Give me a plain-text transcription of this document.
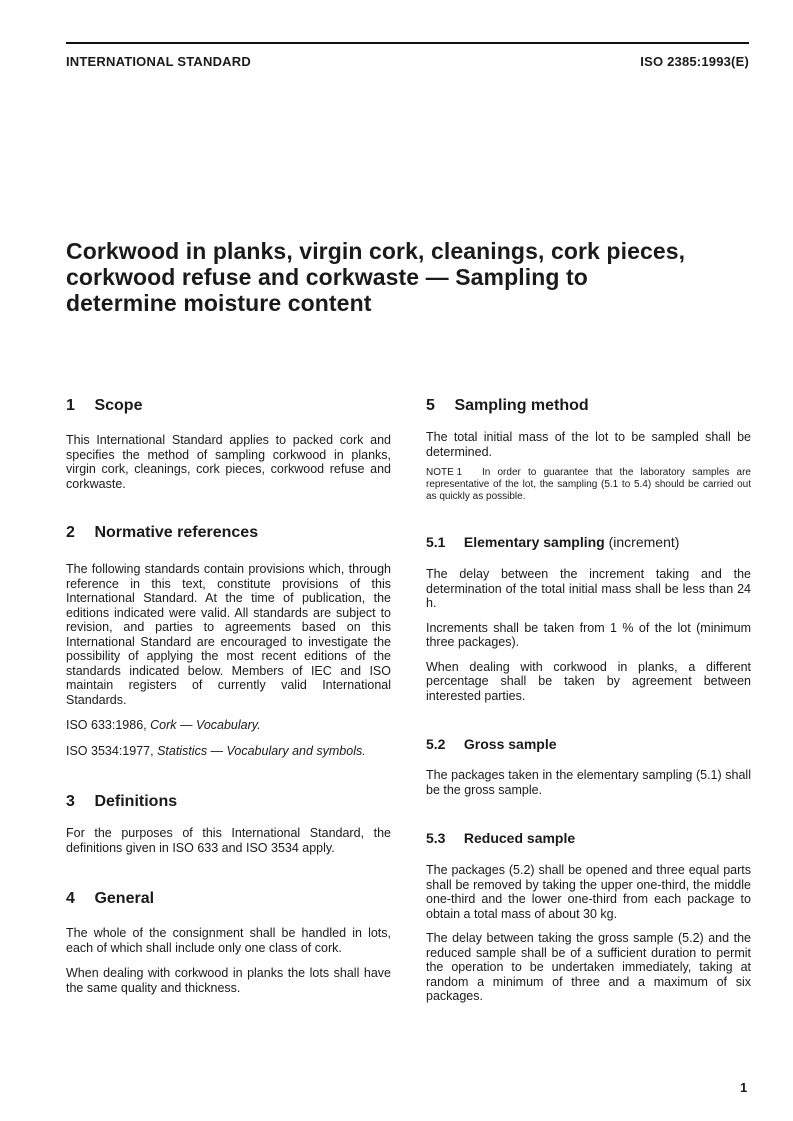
INTERNATIONAL STANDARD	ISO 2385:1993(E)
Corkwood in planks, virgin cork, cleanings, cork pieces,
corkwood refuse and corkwaste — Sampling to
determine moisture content
1 Scope

This International Standard applies to packed cork and specifies the method of sampling corkwood in planks, virgin cork, cleanings, cork pieces, corkwood refuse and corkwaste.

2 Normative references

The following standards contain provisions which, through reference in this text, constitute provisions of this International Standard. At the time of publication, the editions indicated were valid. All standards are subject to revision, and parties to agreements based on this International Standard are encouraged to investigate the possibility of applying the most recent editions of the standards indicated below. Members of IEC and ISO maintain registers of currently valid International Standards.

ISO 633:1986, Cork — Vocabulary.

ISO 3534:1977, Statistics — Vocabulary and symbols.

3 Definitions

For the purposes of this International Standard, the definitions given in ISO 633 and ISO 3534 apply.

4 General

The whole of the consignment shall be handled in lots, each of which shall include only one class of cork.

When dealing with corkwood in planks the lots shall have the same quality and thickness.

5 Sampling method

The total initial mass of the lot to be sampled shall be determined.

NOTE 1 In order to guarantee that the laboratory samples are representative of the lot, the sampling (5.1 to 5.4) should be carried out as quickly as possible.

5.1 Elementary sampling (increment)

The delay between the increment taking and the determination of the total initial mass shall be less than 24 h.

Increments shall be taken from 1 % of the lot (minimum three packages).

When dealing with corkwood in planks, a different percentage shall be taken by agreement between interested parties.

5.2 Gross sample

The packages taken in the elementary sampling (5.1) shall be the gross sample.

5.3 Reduced sample

The packages (5.2) shall be opened and three equal parts shall be removed by taking the upper one-third, the middle one-third and the lower one-third from each package to obtain a total mass of about 30 kg.

The delay between taking the gross sample (5.2) and the reduced sample shall be of a sufficient duration to permit the operation to be undertaken immediately, taking at random a minimum of three and a maximum of six packages.

1
